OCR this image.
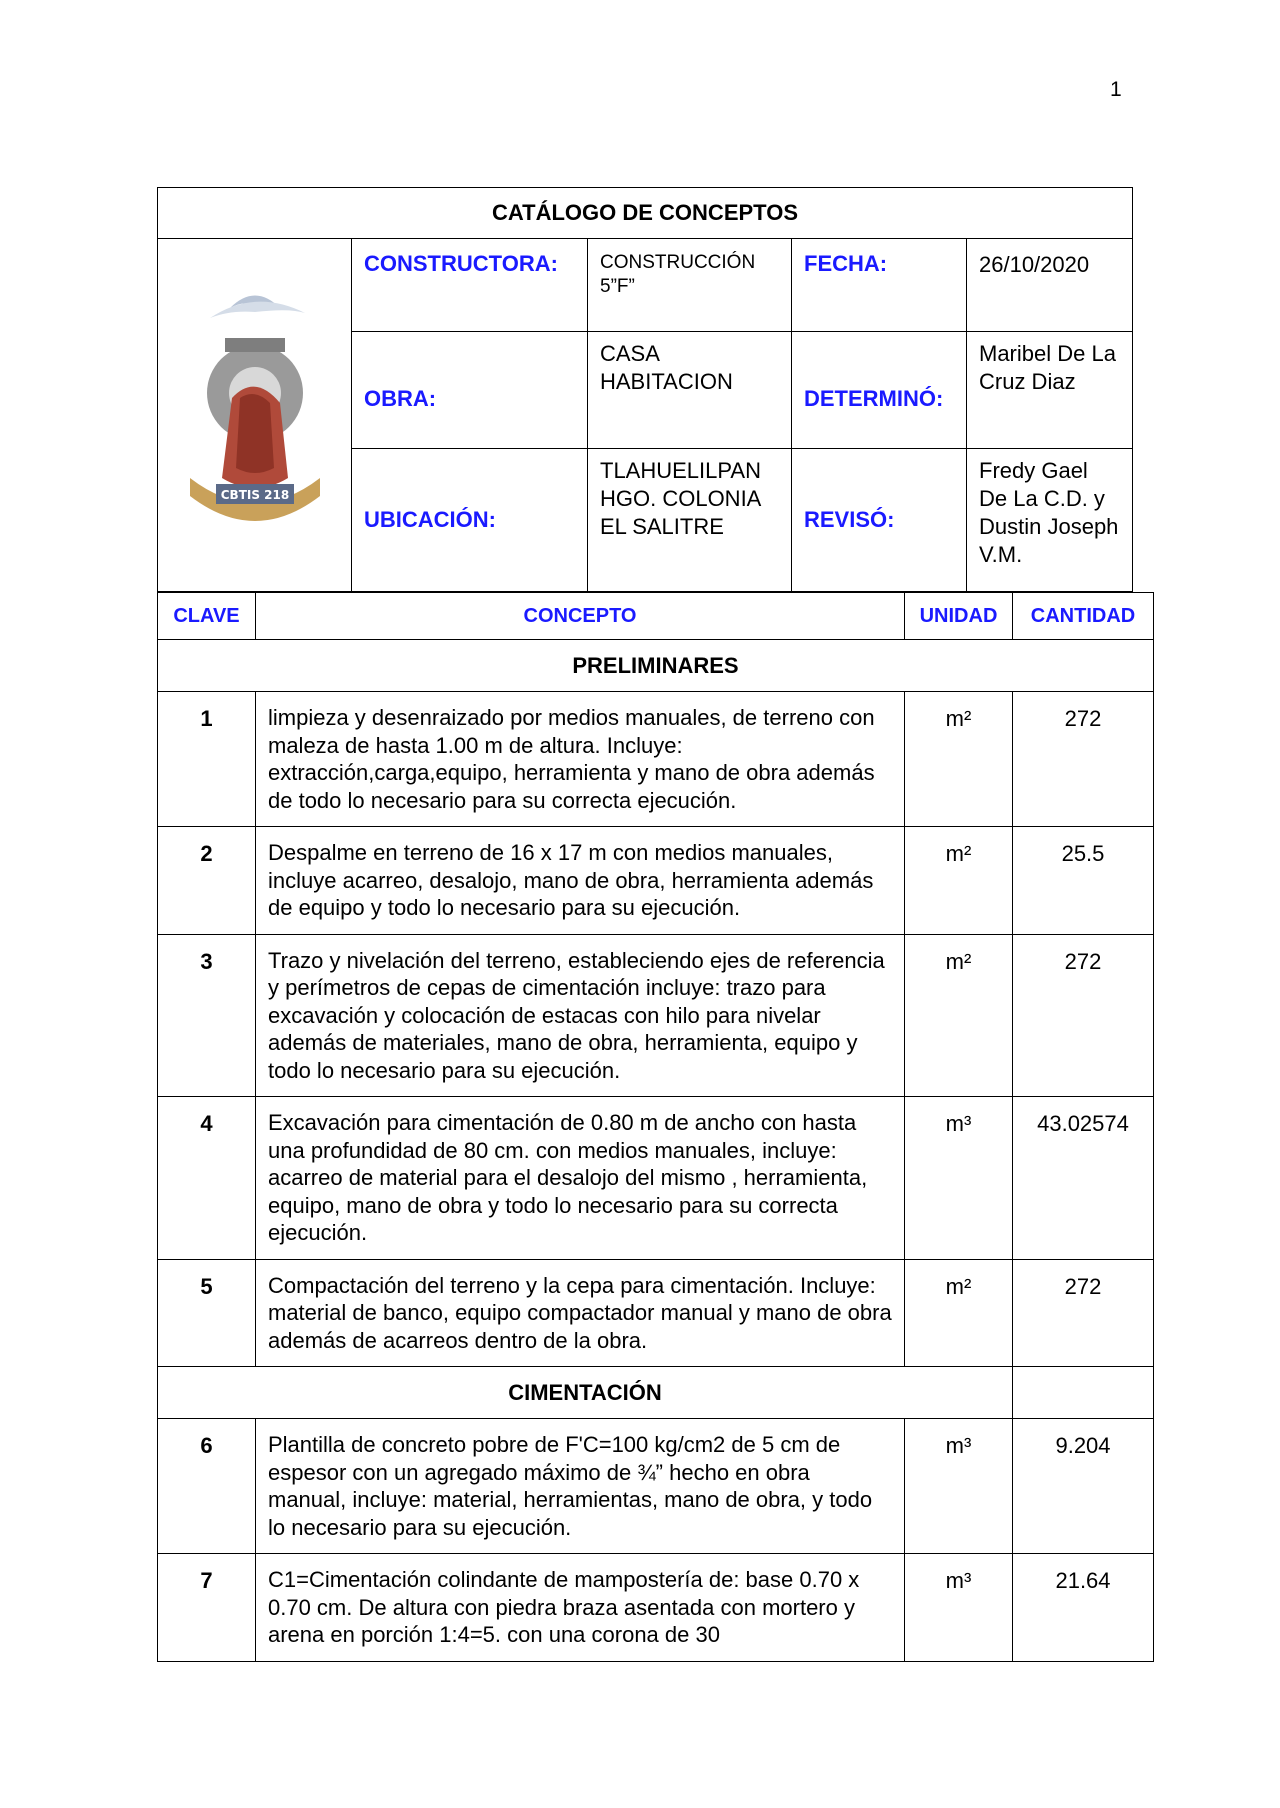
1
CATÁLOGO DE CONCEPTOS				

CBTIS 218	CONSTRUCTORA:	CONSTRUCCIÓN 5”F”	FECHA:	26/10/2020
	OBRA:	CASA HABITACION	DETERMINÓ:	Maribel De La Cruz Diaz
	UBICACIÓN:	TLAHUELILPAN HGO. COLONIA EL SALITRE	REVISÓ:	Fredy Gael De La C.D. y Dustin Joseph V.M.
CLAVE	CONCEPTO	UNIDAD	CANTIDAD
PRELIMINARES			
1	limpieza y desenraizado por medios manuales, de terreno con maleza de hasta 1.00 m de altura. Incluye: extracción,carga,equipo, herramienta y mano de obra además de todo lo necesario para su correcta ejecución.	m²	272
2	Despalme en terreno de 16 x 17 m con medios manuales, incluye acarreo, desalojo, mano de obra, herramienta además de equipo y todo lo necesario para su ejecución.	m²	25.5
3	Trazo y nivelación del terreno, estableciendo ejes de referencia y perímetros de cepas de cimentación incluye: trazo para excavación y colocación de estacas con hilo para nivelar además de materiales, mano de obra, herramienta, equipo y todo lo necesario para su ejecución.	m²	272
4	Excavación para cimentación de 0.80 m de ancho con hasta una profundidad de 80 cm. con medios manuales, incluye: acarreo de material para el desalojo del mismo , herramienta, equipo, mano de obra y todo lo necesario para su correcta ejecución.	m³	43.02574
5	Compactación del terreno y la cepa para cimentación. Incluye: material de banco, equipo compactador manual y mano de obra además de acarreos dentro de la obra.	m²	272
CIMENTACIÓN			
6	Plantilla de concreto pobre de F'C=100 kg/cm2 de 5 cm de espesor con un agregado máximo de ¾” hecho en obra manual, incluye: material, herramientas, mano de obra, y todo lo necesario para su ejecución.	m³	9.204
7	C1=Cimentación colindante de mampostería de: base 0.70 x 0.70 cm. De altura con piedra braza asentada con mortero y arena en porción 1:4=5. con una corona de 30	m³	21.64
